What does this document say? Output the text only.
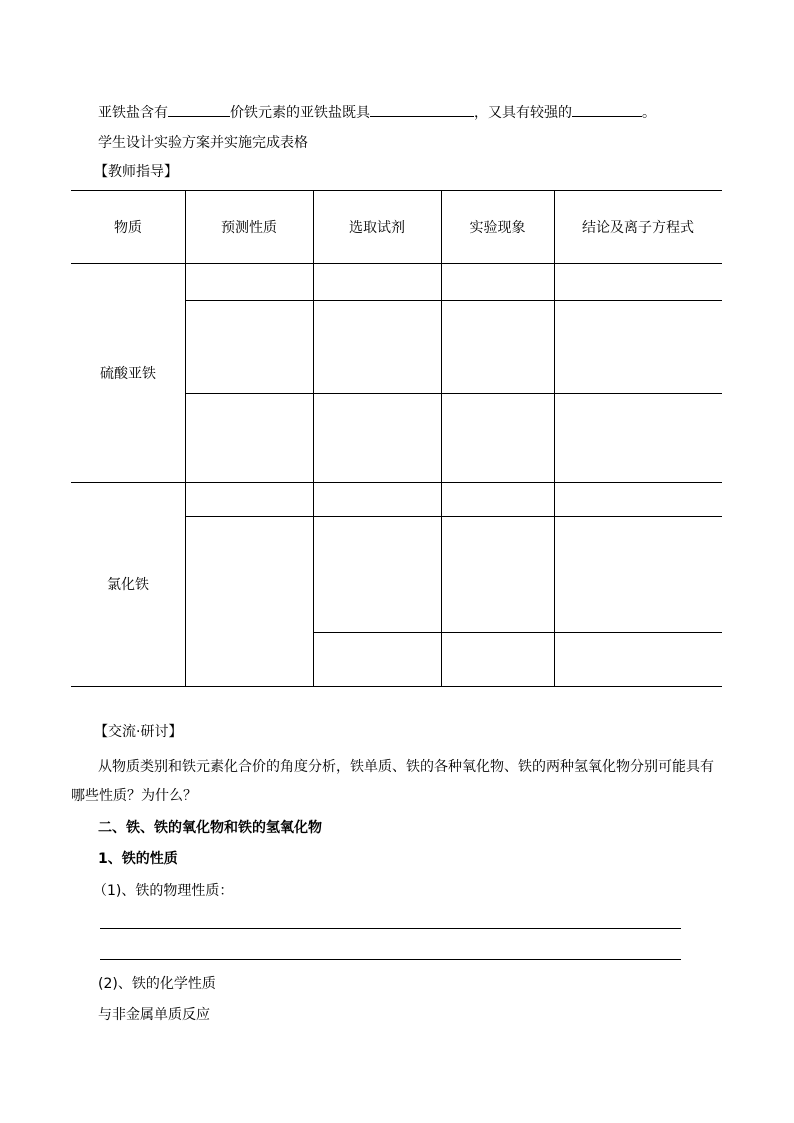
亚铁盐含有	价铁元素的亚铁盐既具	，又具有较强的	。
学生设计实验方案并实施完成表格
【教师指导】
物质	预测性质	选取试剂	实验现象	结论及离子方程式
硫酸亚铁
氯化铁
【交流·研讨】
从物质类别和铁元素化合价的角度分析，铁单质、铁的各种氧化物、铁的两种氢氧化物分别可能具有
哪些性质？为什么？
二、铁、铁的氧化物和铁的氢氧化物
1、铁的性质
（1)、铁的物理性质：
(2)、铁的化学性质
与非金属单质反应
